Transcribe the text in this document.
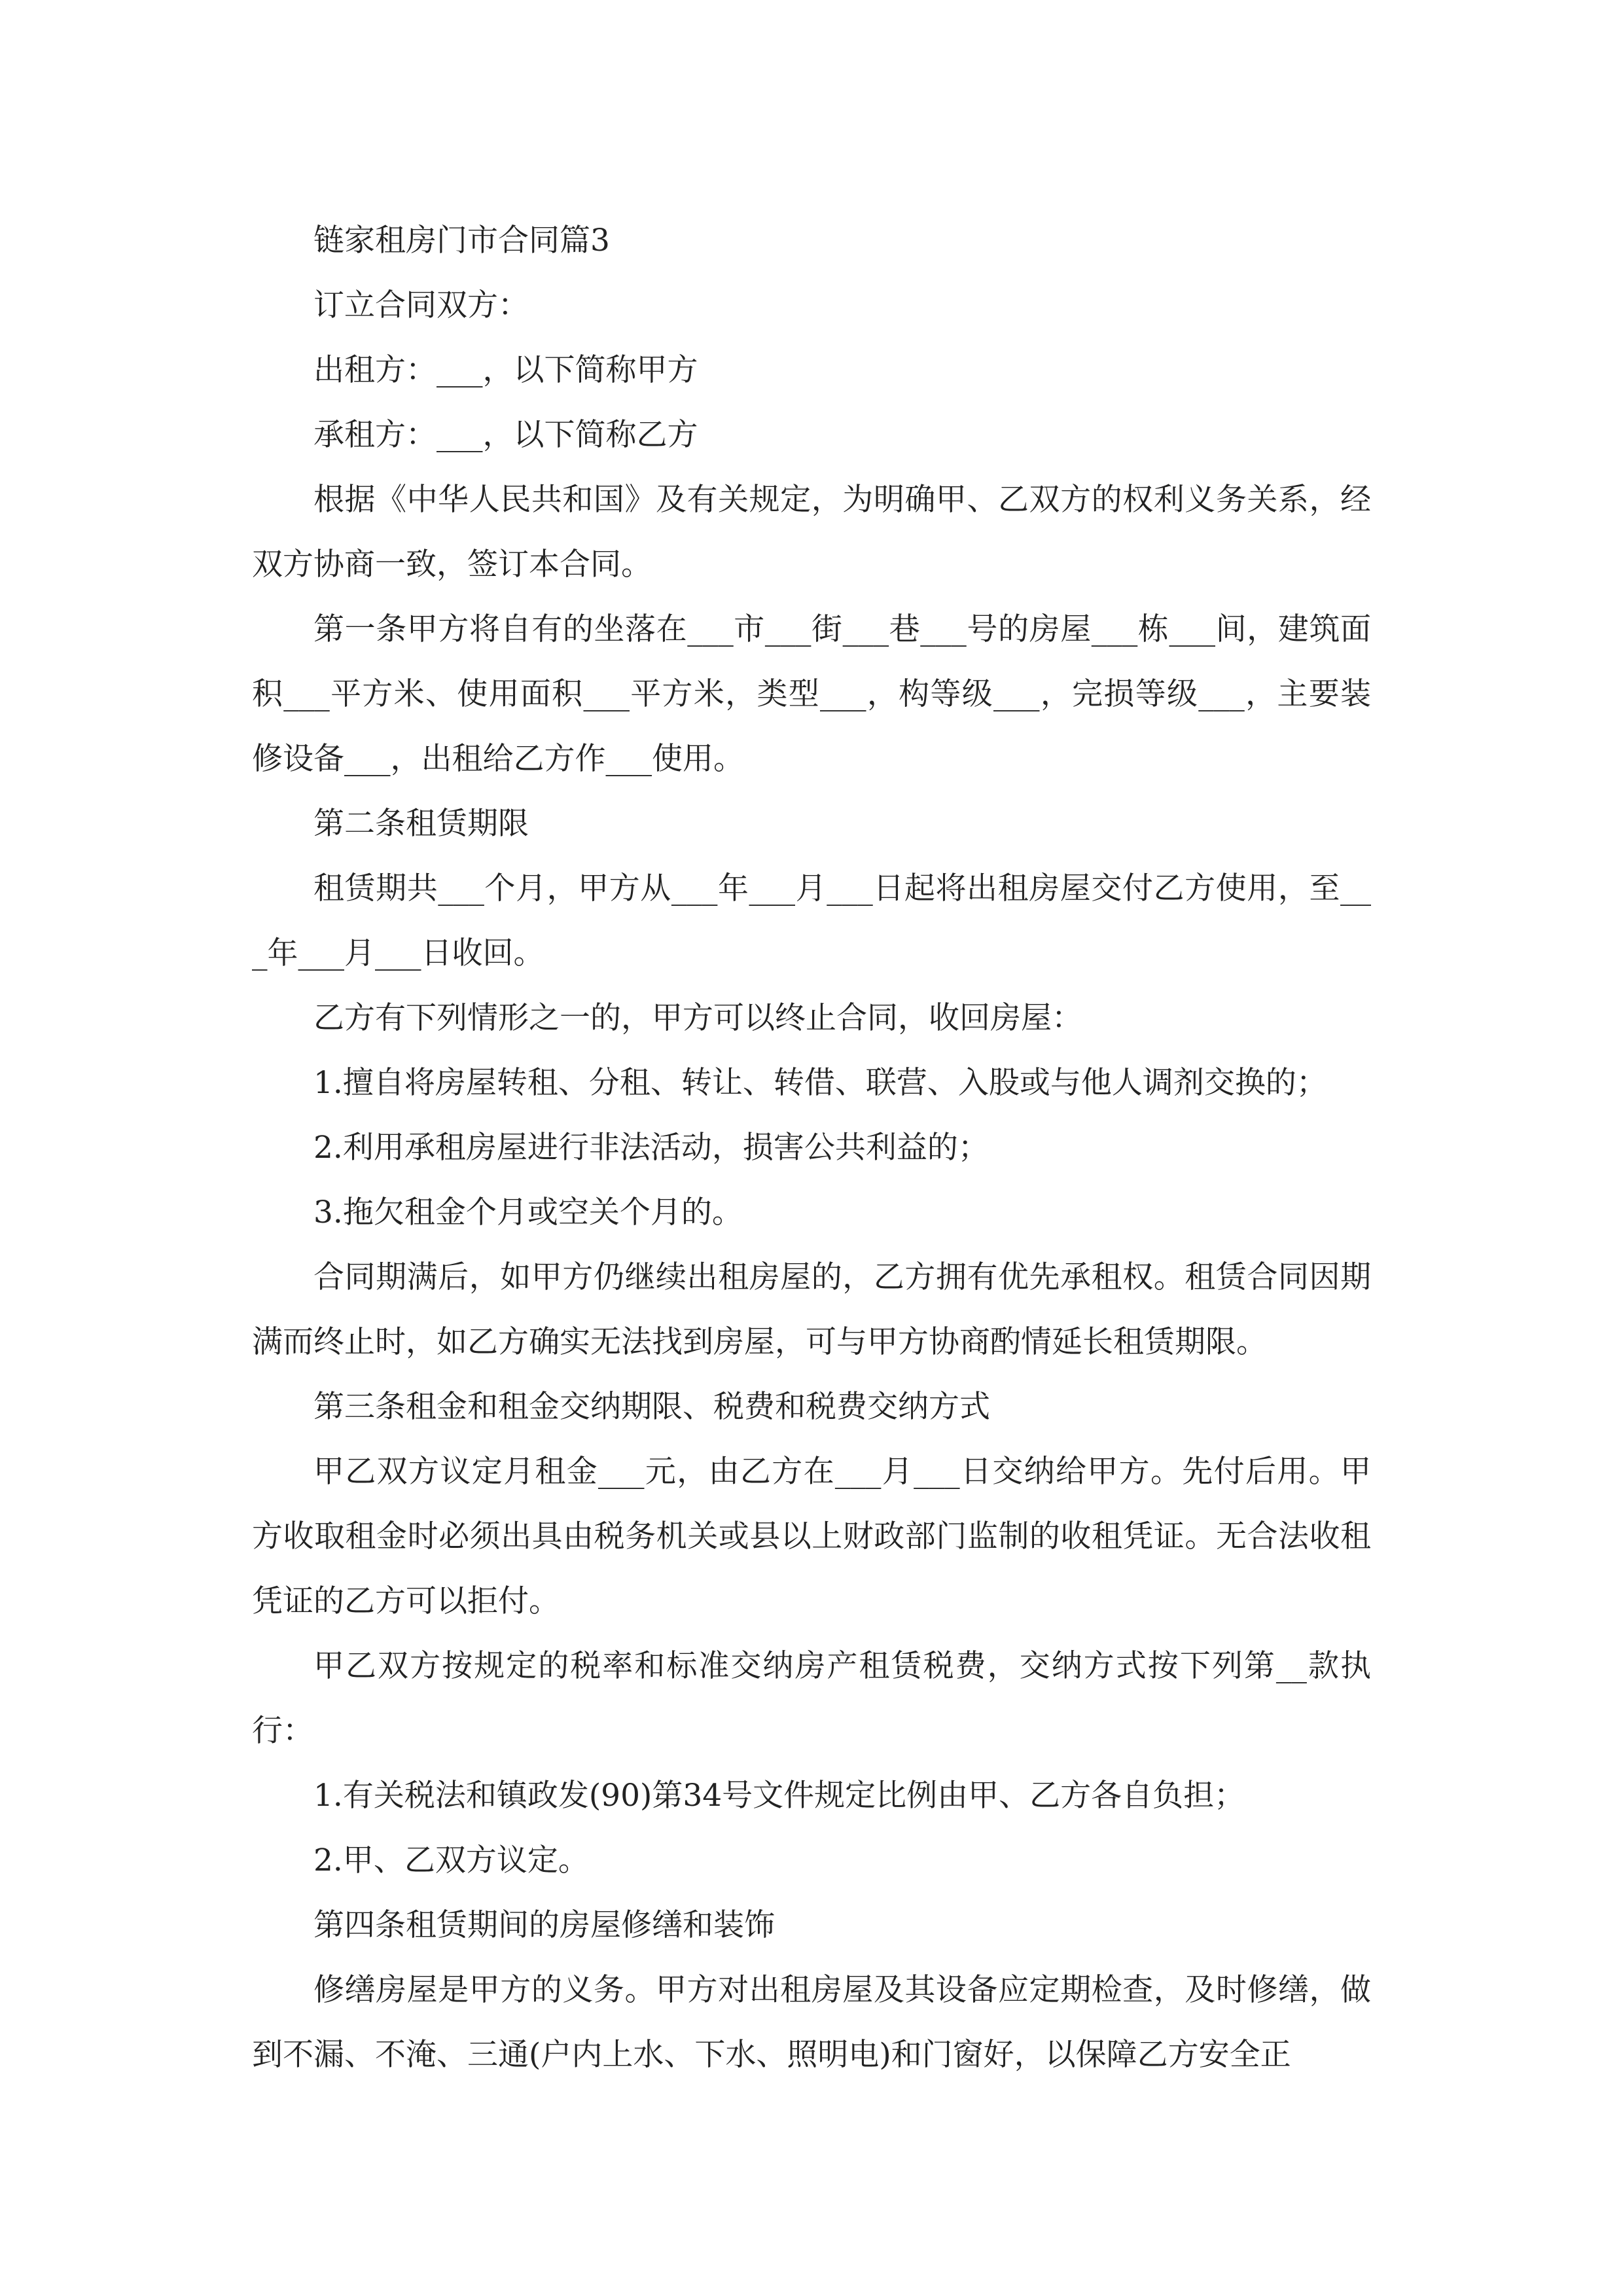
链家租房门市合同篇3

订立合同双方：

出租方：___，以下简称甲方

承租方：___，以下简称乙方

根据《中华人民共和国》及有关规定，为明确甲、乙双方的权利义务关系，经双方协商一致，签订本合同。

第一条甲方将自有的坐落在___市___街___巷___号的房屋___栋___间，建筑面积___平方米、使用面积___平方米，类型___，构等级___，完损等级___，主要装修设备___，出租给乙方作___使用。

第二条租赁期限

租赁期共___个月，甲方从___年___月___日起将出租房屋交付乙方使用，至___年___月___日收回。

乙方有下列情形之一的，甲方可以终止合同，收回房屋：

1.擅自将房屋转租、分租、转让、转借、联营、入股或与他人调剂交换的；

2.利用承租房屋进行非法活动，损害公共利益的；

3.拖欠租金个月或空关个月的。

合同期满后，如甲方仍继续出租房屋的，乙方拥有优先承租权。租赁合同因期满而终止时，如乙方确实无法找到房屋，可与甲方协商酌情延长租赁期限。

第三条租金和租金交纳期限、税费和税费交纳方式

甲乙双方议定月租金___元，由乙方在___月___日交纳给甲方。先付后用。甲方收取租金时必须出具由税务机关或县以上财政部门监制的收租凭证。无合法收租凭证的乙方可以拒付。

甲乙双方按规定的税率和标准交纳房产租赁税费，交纳方式按下列第__款执行：

1.有关税法和镇政发(90)第34号文件规定比例由甲、乙方各自负担；

2.甲、乙双方议定。

第四条租赁期间的房屋修缮和装饰

修缮房屋是甲方的义务。甲方对出租房屋及其设备应定期检查，及时修缮，做到不漏、不淹、三通(户内上水、下水、照明电)和门窗好，以保障乙方安全正
